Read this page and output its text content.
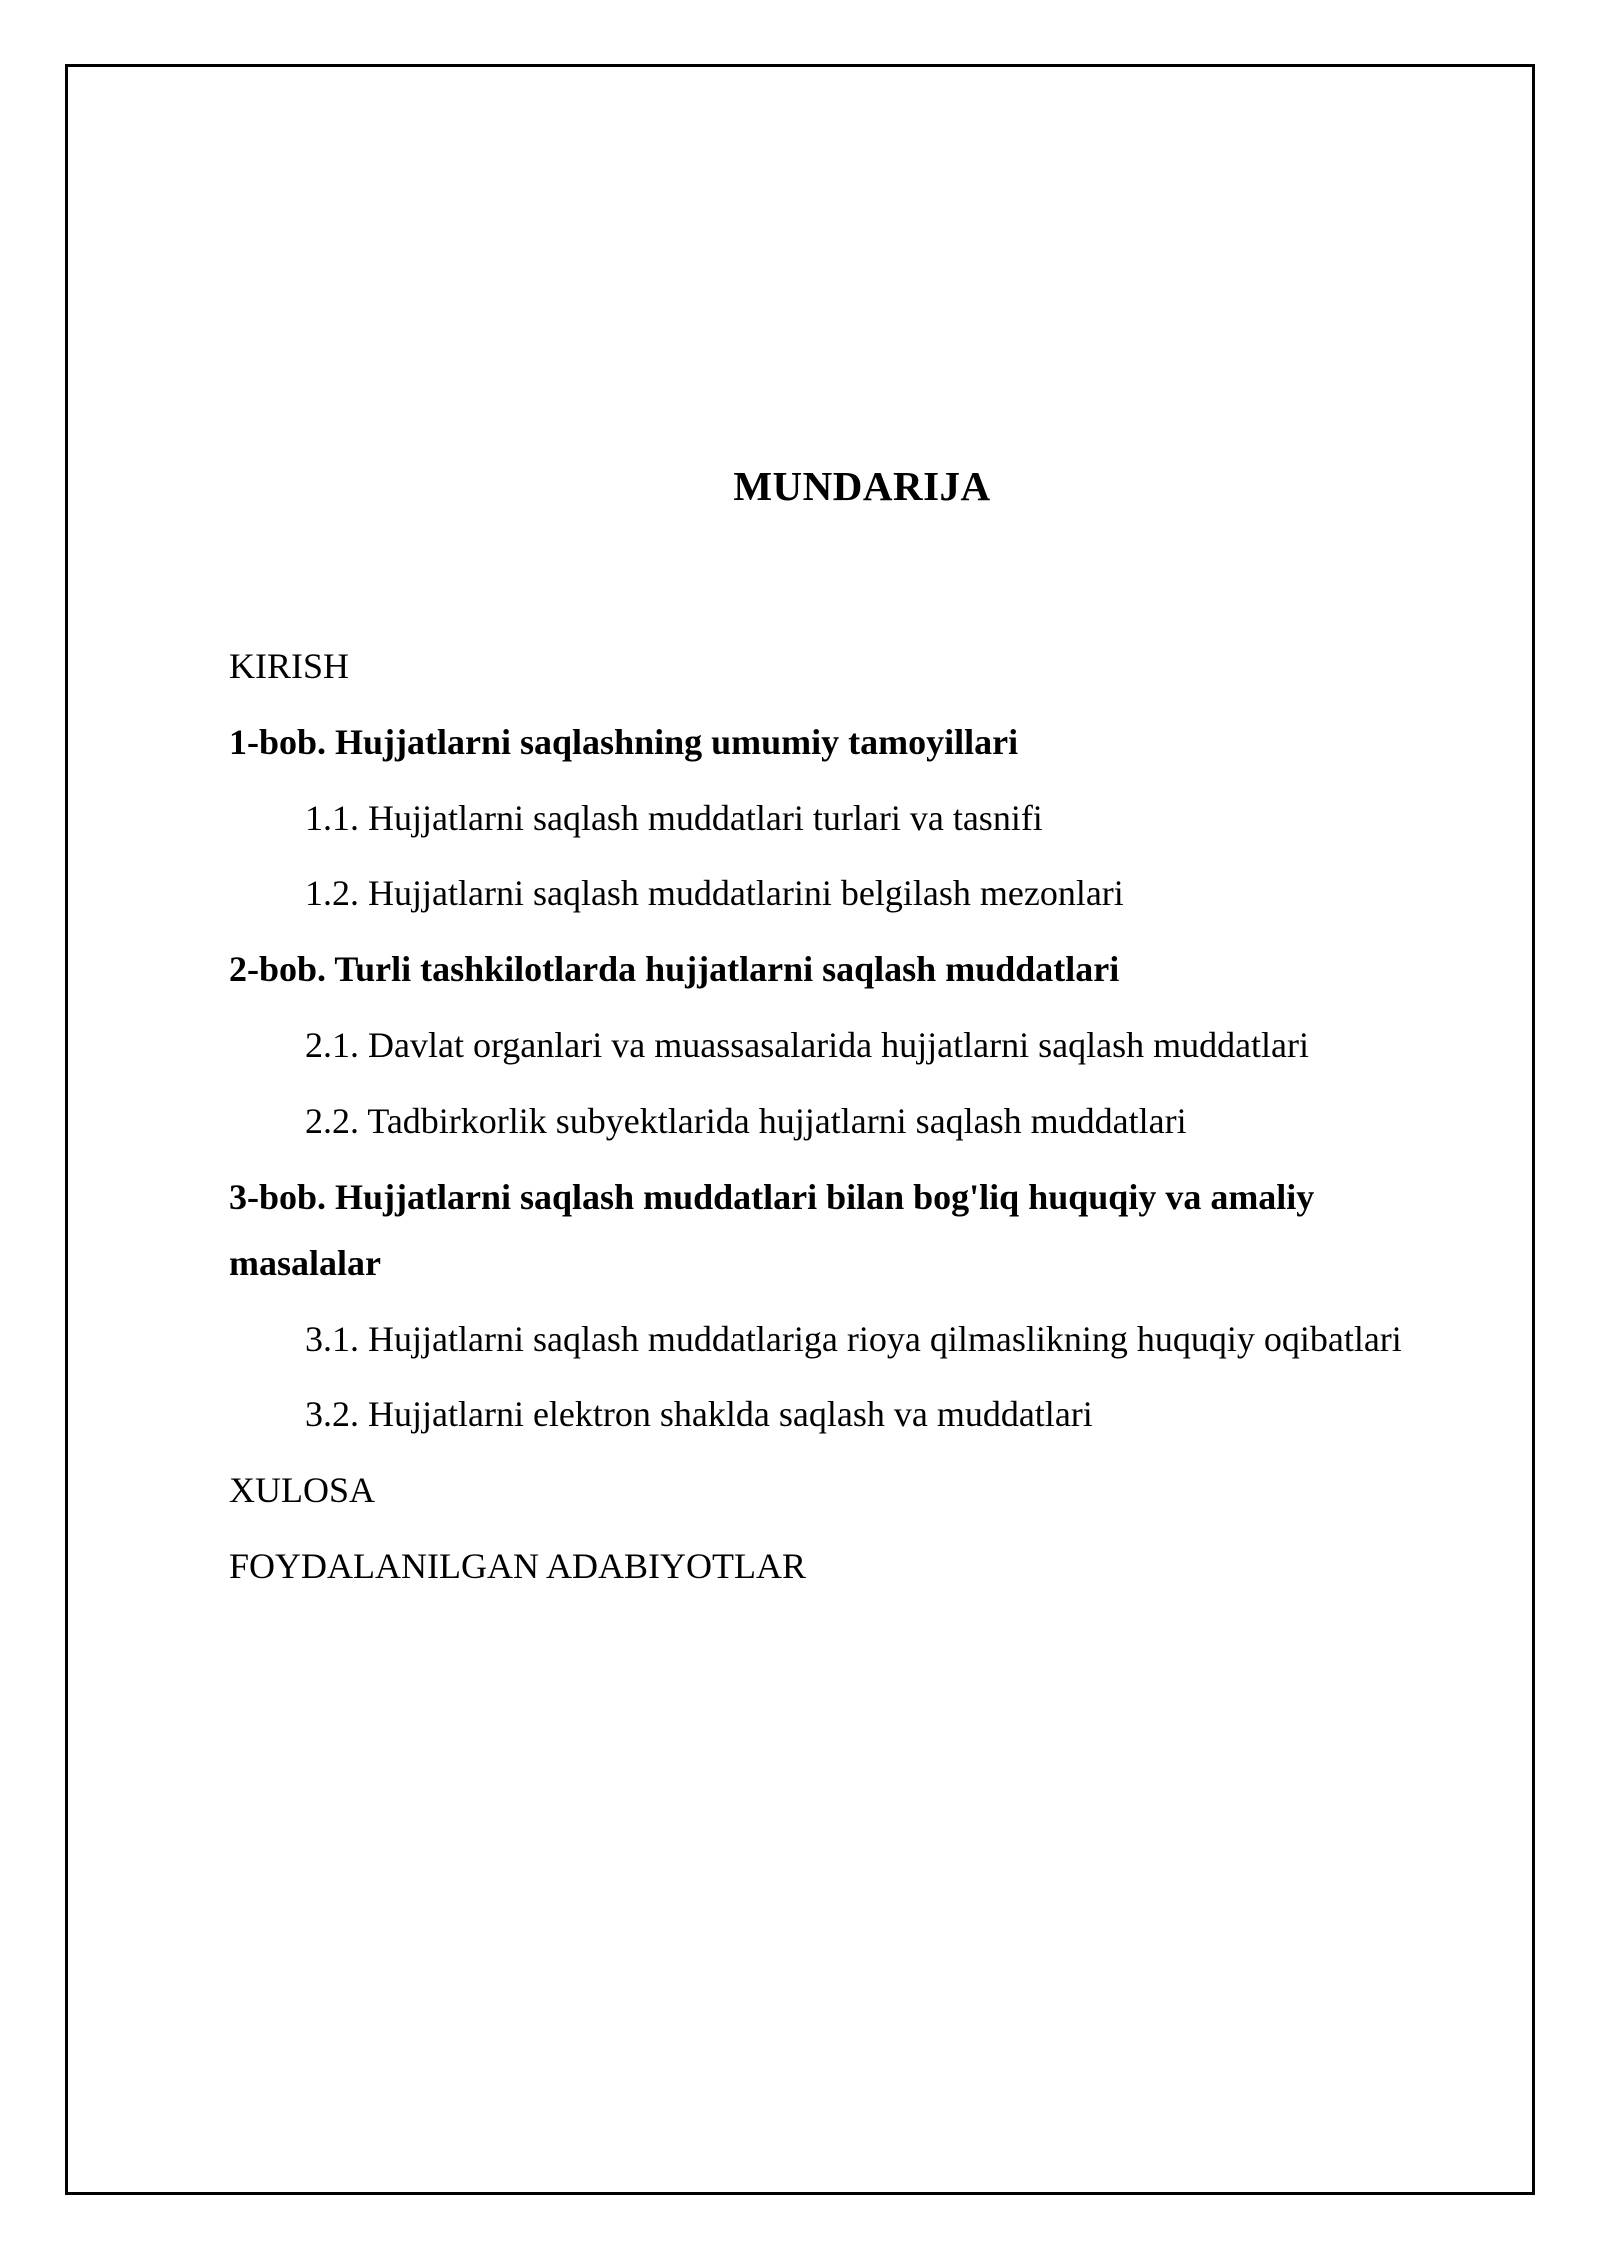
MUNDARIJA
KIRISH
1-bob. Hujjatlarni saqlashning umumiy tamoyillari
1.1. Hujjatlarni saqlash muddatlari turlari va tasnifi
1.2. Hujjatlarni saqlash muddatlarini belgilash mezonlari
2-bob. Turli tashkilotlarda hujjatlarni saqlash muddatlari
2.1. Davlat organlari va muassasalarida hujjatlarni saqlash muddatlari
2.2. Tadbirkorlik subyektlarida hujjatlarni saqlash muddatlari
3-bob. Hujjatlarni saqlash muddatlari bilan bog'liq huquqiy va amaliy
masalalar
3.1. Hujjatlarni saqlash muddatlariga rioya qilmaslikning huquqiy oqibatlari
3.2. Hujjatlarni elektron shaklda saqlash va muddatlari
XULOSA
FOYDALANILGAN ADABIYOTLAR
